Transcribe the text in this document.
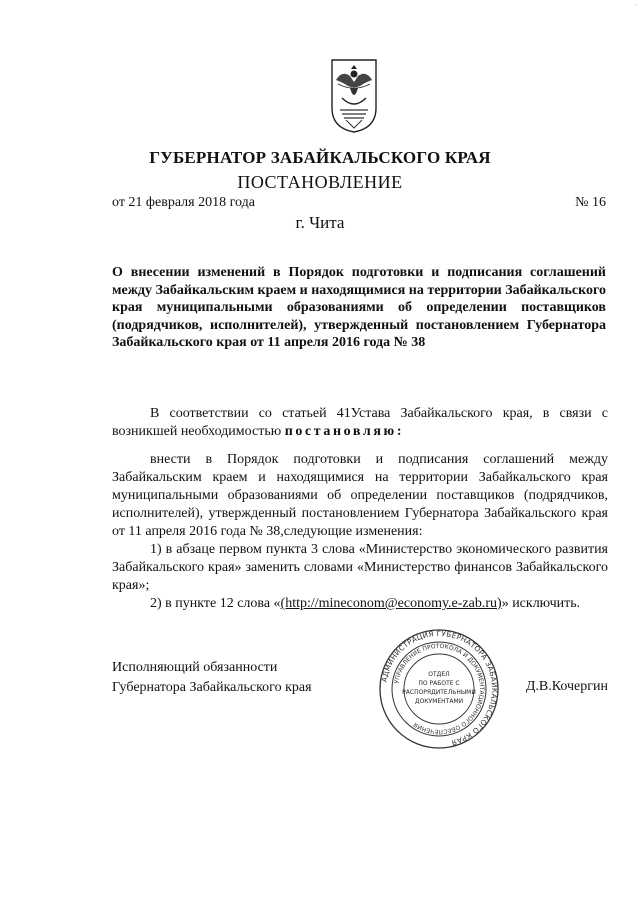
ГУБЕРНАТОР ЗАБАЙКАЛЬСКОГО КРАЯ
ПОСТАНОВЛЕНИЕ
от 21 февраля 2018 года	№ 16
г. Чита
О внесении изменений в Порядок подготовки и подписания соглашений между Забайкальским краем и находящимися на территории Забайкальского края муниципальными образованиями об определении поставщиков (подрядчиков, исполнителей), утвержденный постановлением Губернатора Забайкальского края от 11 апреля 2016 года № 38
В соответствии со статьей 41Устава Забайкальского края, в связи с возникшей необходимостью постановляю:

внести в Порядок подготовки и подписания соглашений между Забайкальским краем и находящимися на территории Забайкальского края муниципальными образованиями об определении поставщиков (подрядчиков, исполнителей), утвержденный постановлением Губернатора Забайкальского края от 11 апреля 2016 года № 38,следующие изменения:

1) в абзаце первом пункта 3 слова «Министерство экономического развития Забайкальского края» заменить словами «Министерство финансов Забайкальского края»;

2) в пункте 12 слова «(http://mineconom@economy.e-zab.ru)» исключить.

Исполняющий обязанности
Губернатора Забайкальского края	Д.В.Кочергин
АДМИНИСТРАЦИЯ ГУБЕРНАТОРА ЗАБАЙКАЛЬСКОГО КРАЯ
УПРАВЛЕНИЕ ПРОТОКОЛА И ДОКУМЕНТАЦИОННОГО ОБЕСПЕЧЕНИЯ
ОТДЕЛ
ПО РАБОТЕ С
РАСПОРЯДИТЕЛЬНЫМИ
ДОКУМЕНТАМИ
·
